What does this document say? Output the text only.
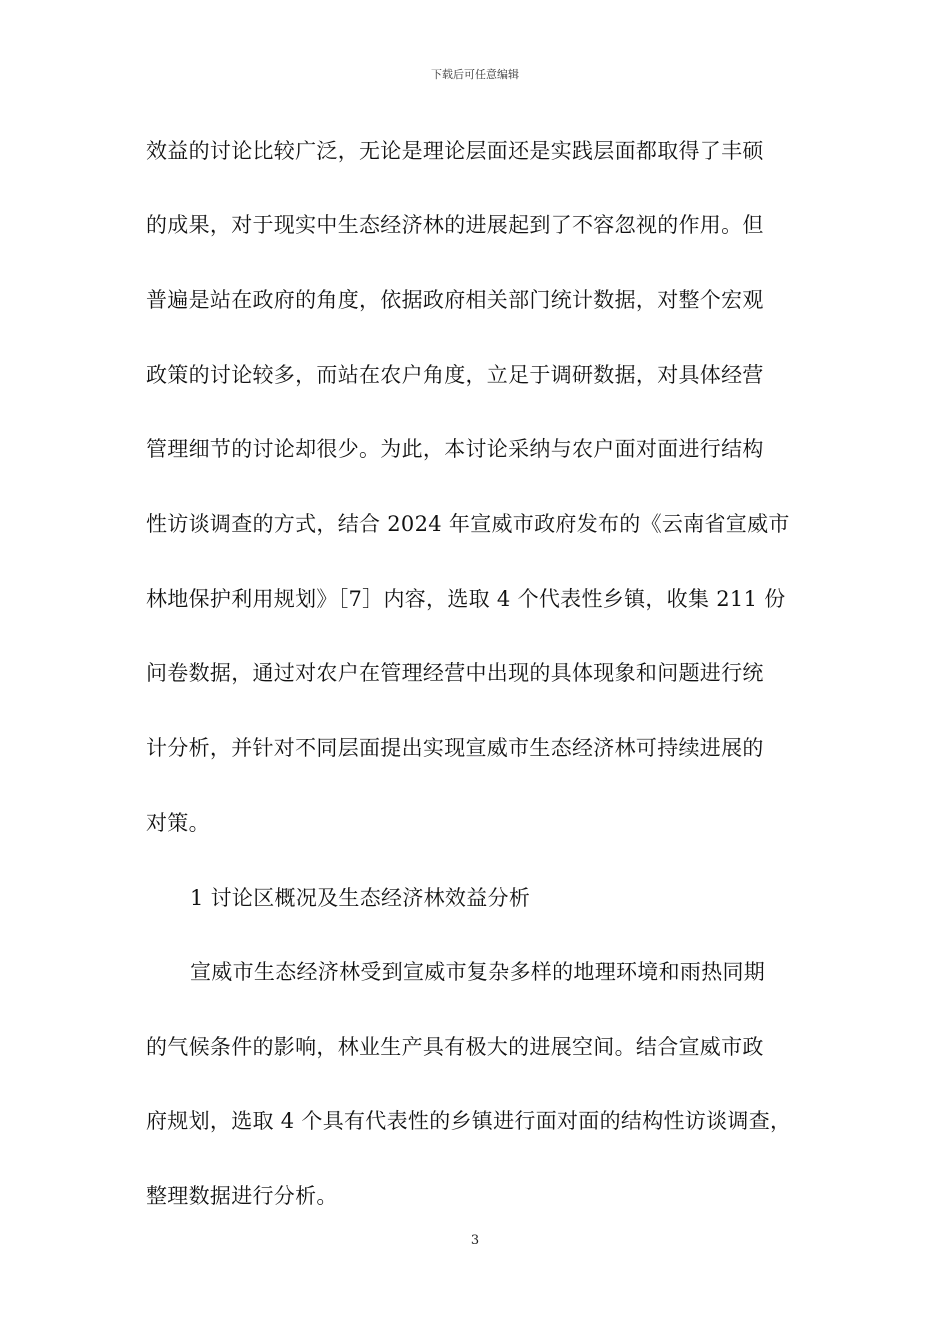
下载后可任意编辑
效益的讨论比较广泛，无论是理论层面还是实践层面都取得了丰硕
的成果，对于现实中生态经济林的进展起到了不容忽视的作用。但
普遍是站在政府的角度，依据政府相关部门统计数据，对整个宏观
政策的讨论较多，而站在农户角度，立足于调研数据，对具体经营
管理细节的讨论却很少。为此，本讨论采纳与农户面对面进行结构
性访谈调查的方式，结合 2024 年宣威市政府发布的《云南省宣威市
林地保护利用规划》［7］内容，选取 4 个代表性乡镇，收集 211 份
问卷数据，通过对农户在管理经营中出现的具体现象和问题进行统
计分析，并针对不同层面提出实现宣威市生态经济林可持续进展的
对策。
1 讨论区概况及生态经济林效益分析
宣威市生态经济林受到宣威市复杂多样的地理环境和雨热同期
的气候条件的影响，林业生产具有极大的进展空间。结合宣威市政
府规划，选取 4 个具有代表性的乡镇进行面对面的结构性访谈调查，
整理数据进行分析。
3
